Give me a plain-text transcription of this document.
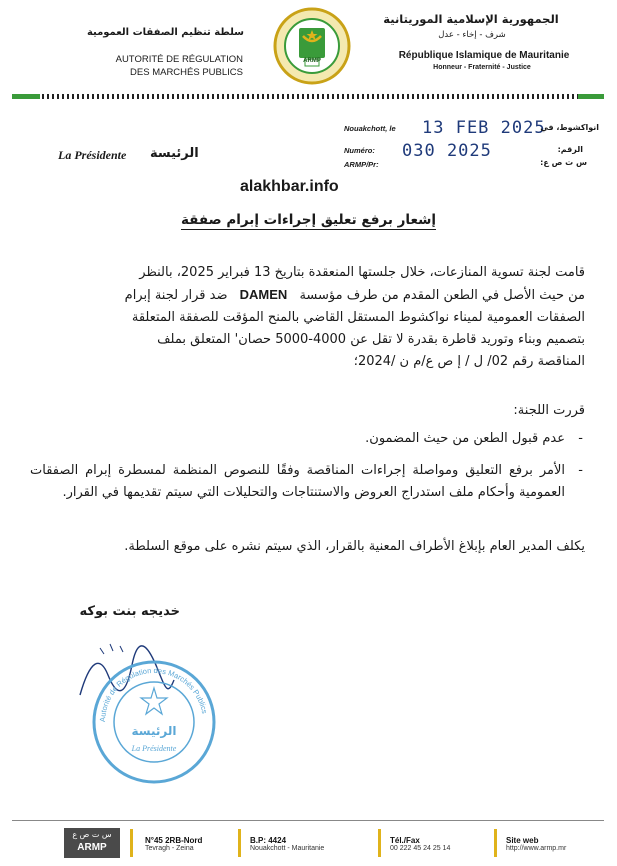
الجمهورية الإسلامية الموريتانية
شرف - إخاء - عدل
République Islamique de Mauritanie
Honneur - Fraternité - Justice
سلطة تنظيم الصفقات العمومية
AUTORITÉ DE RÉGULATION
DES MARCHÉS PUBLICS
ARMP
Nouakchott, le 13 FEB 2025
انواكشوط، في
Numéro: 030 2025	الرقم:
ARMP/Pr:	س ت ص ع:
La Présidente الرئيسة
alakhbar.info
إشعار برفع تعليق إجراءات إبرام صفقة
قامت لجنة تسوية المنازعات، خلال جلستها المنعقدة بتاريخ 13 فبراير 2025، بالنظر
من حيث الأصل في الطعن المقدم من طرف مؤسسة DAMEN ضد قرار لجنة إبرام
الصفقات العمومية لميناء نواكشوط المستقل القاضي بالمنح المؤقت للصفقة المتعلقة
بتصميم وبناء وتوريد قاطرة بقدرة لا تقل عن 4000-5000 حصان' المتعلق بملف
المناقصة رقم 02/ ل / إ ص ع/م ن /2024؛
قررت اللجنة:
-
عدم قبول الطعن من حيث المضمون.
-
الأمر برفع التعليق ومواصلة إجراءات المناقصة وفقًا للنصوص المنظمة لمسطرة إبرام الصفقات العمومية وأحكام ملف استدراج العروض والاستنتاجات والتحليلات التي سيتم تقديمها في القرار.
يكلف المدير العام بإبلاغ الأطراف المعنية بالقرار، الذي سيتم نشره على موقع السلطة.
خديجه بنت بوكه
Autorité de Régulation des Marchés Publics
الرئيسة
La Présidente
س ت ص ع
ARMP
N°45 2RB-Nord
Tevragh - Zeina
B.P: 4424
Nouakchott - Mauritanie
Tél./Fax
00 222 45 24 25 14
Site web
http://www.armp.mr
